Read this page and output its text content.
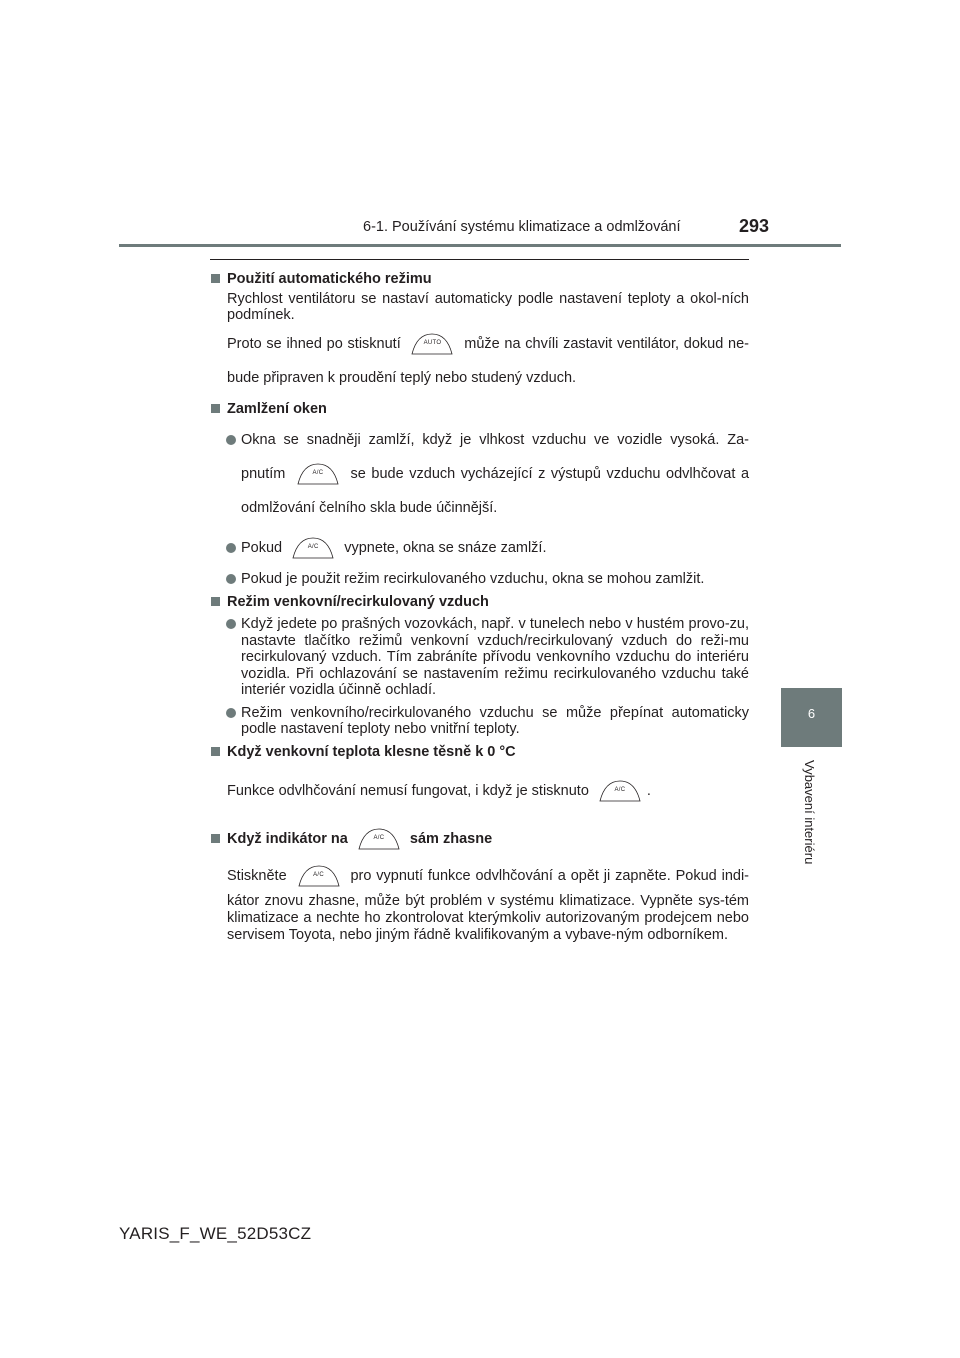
6-1. Používání systému klimatizace a odmlžování	293
6
Vybavení interiéru
Použití automatického režimu
Rychlost ventilátoru se nastaví automaticky podle nastavení teploty a okol-ních podmínek.
Proto se ihned po stisknutí	AUTO	může na chvíli zastavit ventilátor, dokud ne-bude připraven k proudění teplý nebo studený vzduch.
Zamlžení oken
Okna se snadněji zamlží, když je vlhkost vzduchu ve vozidle vysoká. Za-pnutím	A/C	se bude vzduch vycházející z výstupů vzduchu odvlhčovat a odmlžování čelního skla bude účinnější.
Pokud	A/C	vypnete, okna se snáze zamlží.
Pokud je použit režim recirkulovaného vzduchu, okna se mohou zamlžit.
Režim venkovní/recirkulovaný vzduch
Když jedete po prašných vozovkách, např. v tunelech nebo v hustém provo-zu, nastavte tlačítko režimů venkovní vzduch/recirkulovaný vzduch do reži-mu recirkulovaný vzduch. Tím zabráníte přívodu venkovního vzduchu do interiéru vozidla. Při ochlazování se nastavením režimu recirkulovaného vzduchu také interiér vozidla účinně ochladí.
Režim venkovního/recirkulovaného vzduchu se může přepínat automaticky podle nastavení teploty nebo vnitřní teploty.
Když venkovní teplota klesne těsně k 0 °C
Funkce odvlhčování nemusí fungovat, i když je stisknuto	A/C	.
Když indikátor na	A/C	sám zhasne
Stiskněte	A/C	pro vypnutí funkce odvlhčování a opět ji zapněte. Pokud indi-kátor znovu zhasne, může být problém v systému klimatizace. Vypněte sys-tém klimatizace a nechte ho zkontrolovat kterýmkoliv autorizovaným prodejcem nebo servisem Toyota, nebo jiným řádně kvalifikovaným a vybave-ným odborníkem.
YARIS_F_WE_52D53CZ
